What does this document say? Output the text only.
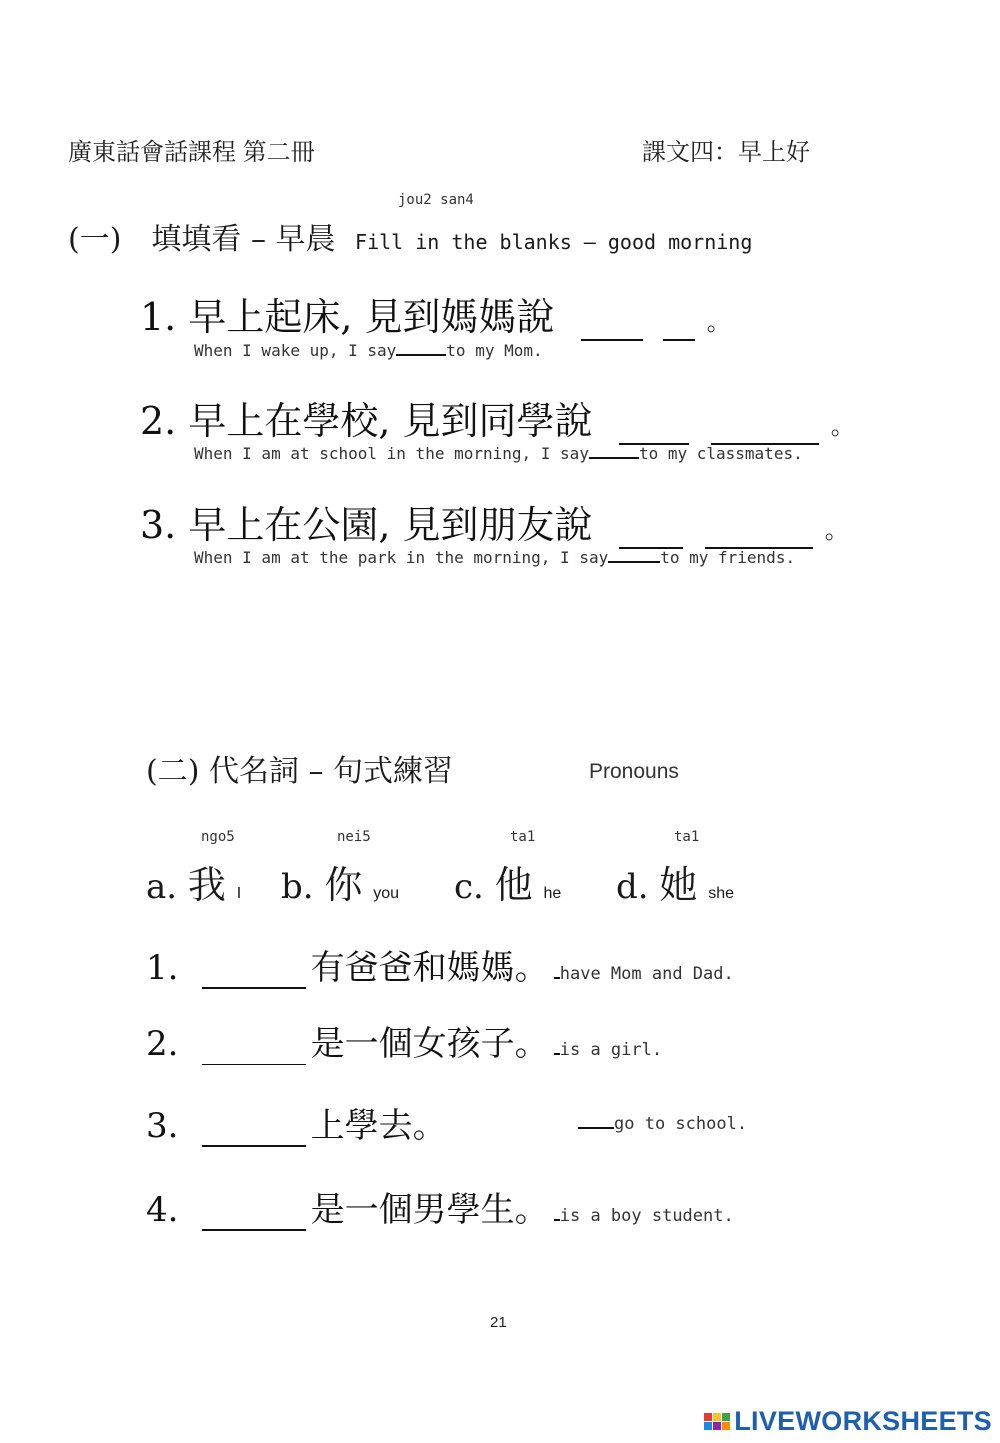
廣東話會話課程 第二冊	課文四：早上好
jou2 san4
(一)　填填看 – 早晨 Fill in the blanks – good morning
1. 早上起床, 見到媽媽說	。
When I wake up, I say	to my Mom.
2. 早上在學校, 見到同學說	。
When I am at school in the morning, I say	to my classmates.
3. 早上在公園, 見到朋友說	。
When I am at the park in the morning, I say	to my friends.
(二) 代名詞 – 句式練習	Pronouns
ngo5	nei5	ta1	ta1
a. 我 I b. 你 you c. 他 he d. 她 she
1.	有爸爸和媽媽。 have Mom and Dad.
2.	是一個女孩子。 is a girl.
3.	上學去。	go to school.
4.	是一個男學生。 is a boy student.
21
LIVEWORKSHEETS
